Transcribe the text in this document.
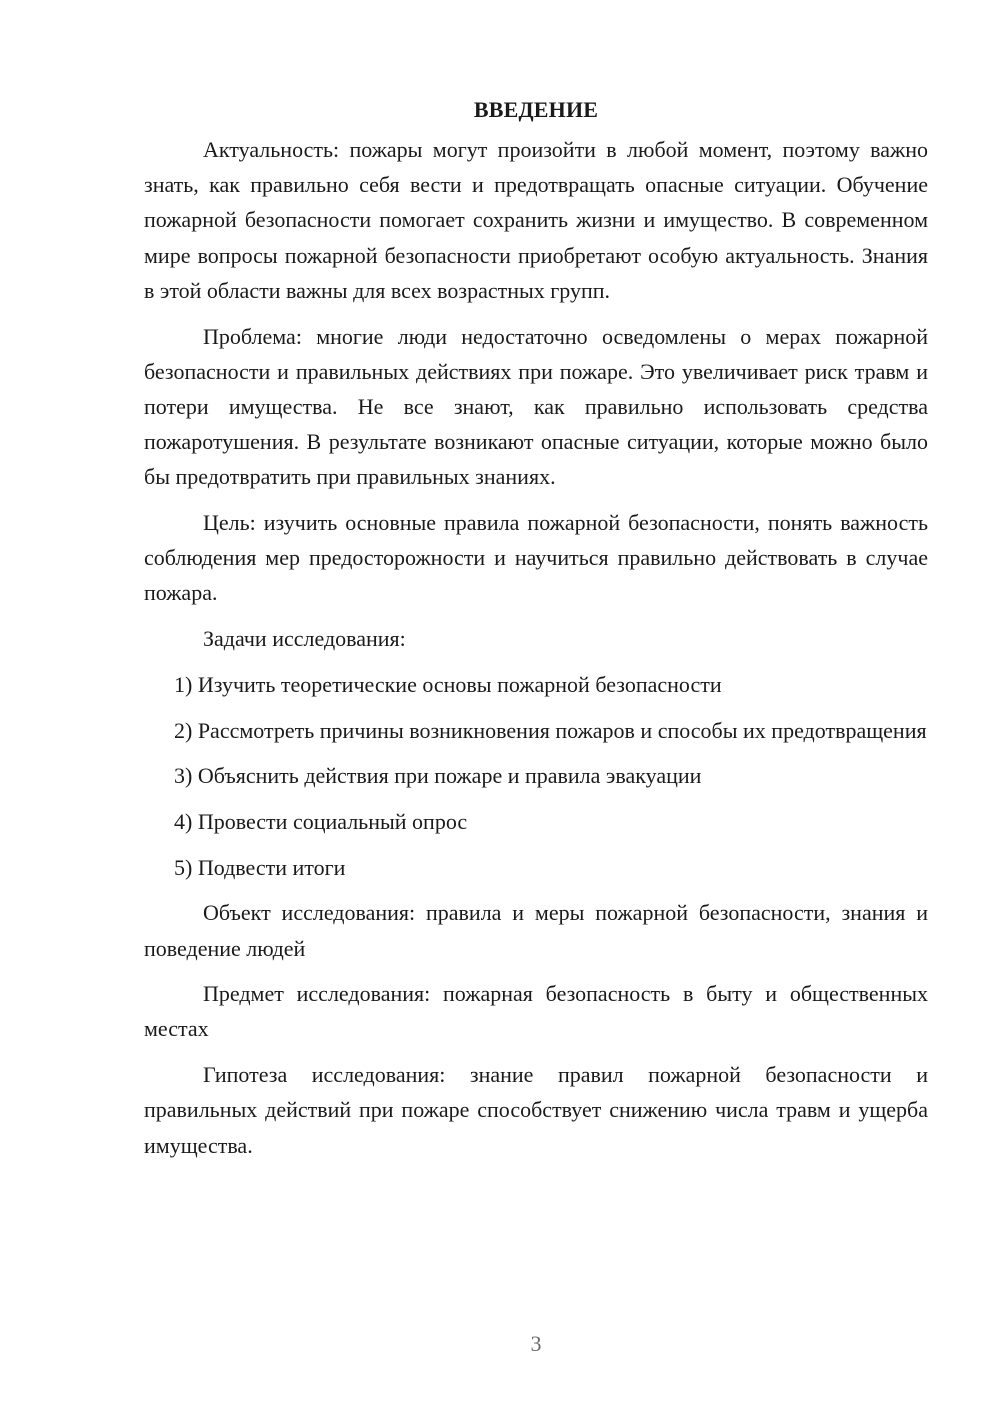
ВВЕДЕНИЕ

Актуальность: пожары могут произойти в любой момент, поэтому важно знать, как правильно себя вести и предотвращать опасные ситуации. Обучение пожарной безопасности помогает сохранить жизни и имущество. В современном мире вопросы пожарной безопасности приобретают особую актуальность. Знания в этой области важны для всех возрастных групп.

Проблема: многие люди недостаточно осведомлены о мерах пожарной безопасности и правильных действиях при пожаре. Это увеличивает риск травм и потери имущества. Не все знают, как правильно использовать средства пожаротушения. В результате возникают опасные ситуации, которые можно было бы предотвратить при правильных знаниях.

Цель: изучить основные правила пожарной безопасности, понять важность соблюдения мер предосторожности и научиться правильно действовать в случае пожара.

Задачи исследования:

1) Изучить теоретические основы пожарной безопасности

2) Рассмотреть причины возникновения пожаров и способы их предотвращения

3) Объяснить действия при пожаре и правила эвакуации

4) Провести социальный опрос

5) Подвести итоги

Объект исследования: правила и меры пожарной безопасности, знания и поведение людей

Предмет исследования: пожарная безопасность в быту и общественных местах

Гипотеза исследования: знание правил пожарной безопасности и правильных действий при пожаре способствует снижению числа травм и ущерба имущества.

3
